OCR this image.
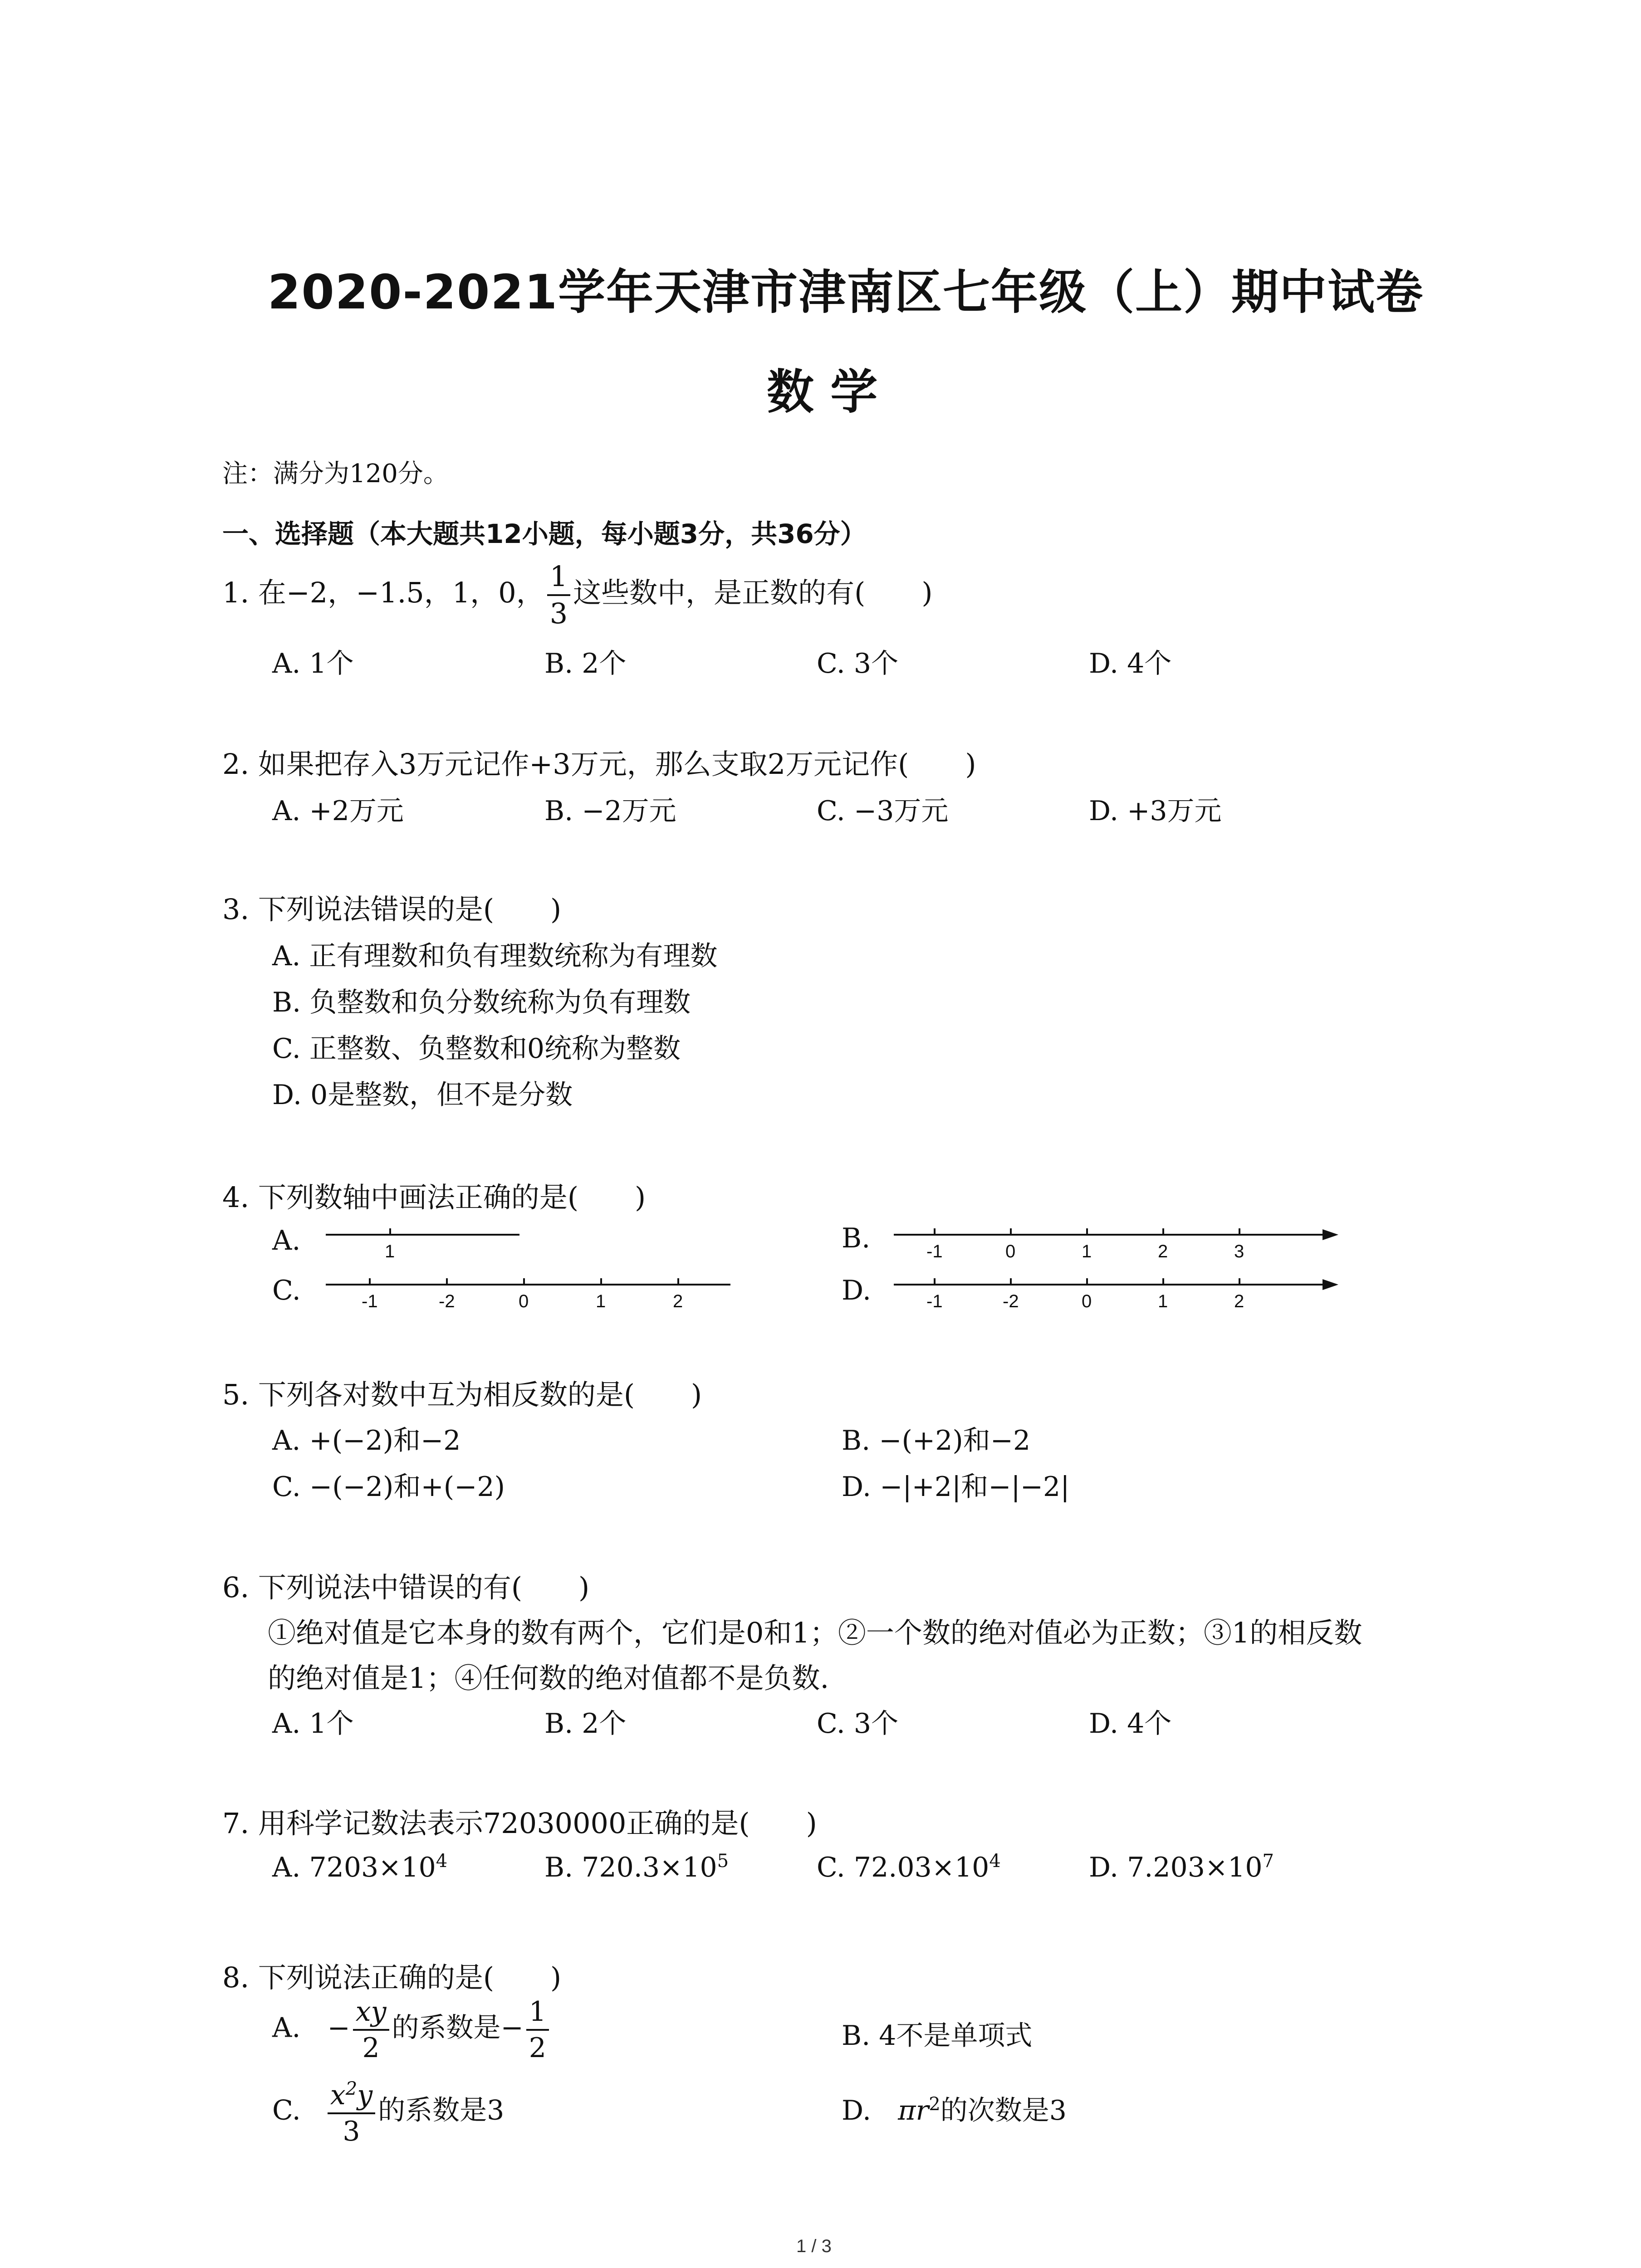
2020-2021学年天津市津南区七年级（上）期中试卷
数 学
注：满分为120分。
一、选择题（本大题共12小题，每小题3分，共36分）
1. 在−2，−1.5，1，0， $\frac{1}{3}$ 这些数中，是正数的有(　　)
A. 1个	B. 2个	C. 3个	D. 4个
2. 如果把存入3万元记作+3万元，那么支取2万元记作(　　)
A. +2万元	B. −2万元	C. −3万元	D. +3万元
3. 下列说法错误的是(　　)
A. 正有理数和负有理数统称为有理数
B. 负整数和负分数统称为负有理数
C. 正整数、负整数和0统称为整数
D. 0是整数，但不是分数
4. 下列数轴中画法正确的是(　　)
A.	B.
C.	D.
1	-1	0	1	2	3
-1	-2	0	1	2	-1	-2	0	1	2
5. 下列各对数中互为相反数的是(　　)
A. +(−2)和−2	B. −(+2)和−2
C. −(−2)和+(−2)	D. −|+2|和−|−2|
6. 下列说法中错误的有(　　)
①绝对值是它本身的数有两个，它们是0和1；②一个数的绝对值必为正数；③1的相反数
的绝对值是1；④任何数的绝对值都不是负数.
A. 1个	B. 2个	C. 3个	D. 4个
7. 用科学记数法表示72030000正确的是(　　)
A. $7203\times 10^4$	B. $720.3\times 10^5$	C. $72.03\times 10^4$	D. $7.203\times 10^7$
8. 下列说法正确的是(　　)
A. − $\frac{xy}{2}$ 的系数是− $\frac{1}{2}$	B. 4不是单项式
C. $\frac{x^2y}{3}$ 的系数是3	D. $\pi r^2$的次数是3
1 / 3
